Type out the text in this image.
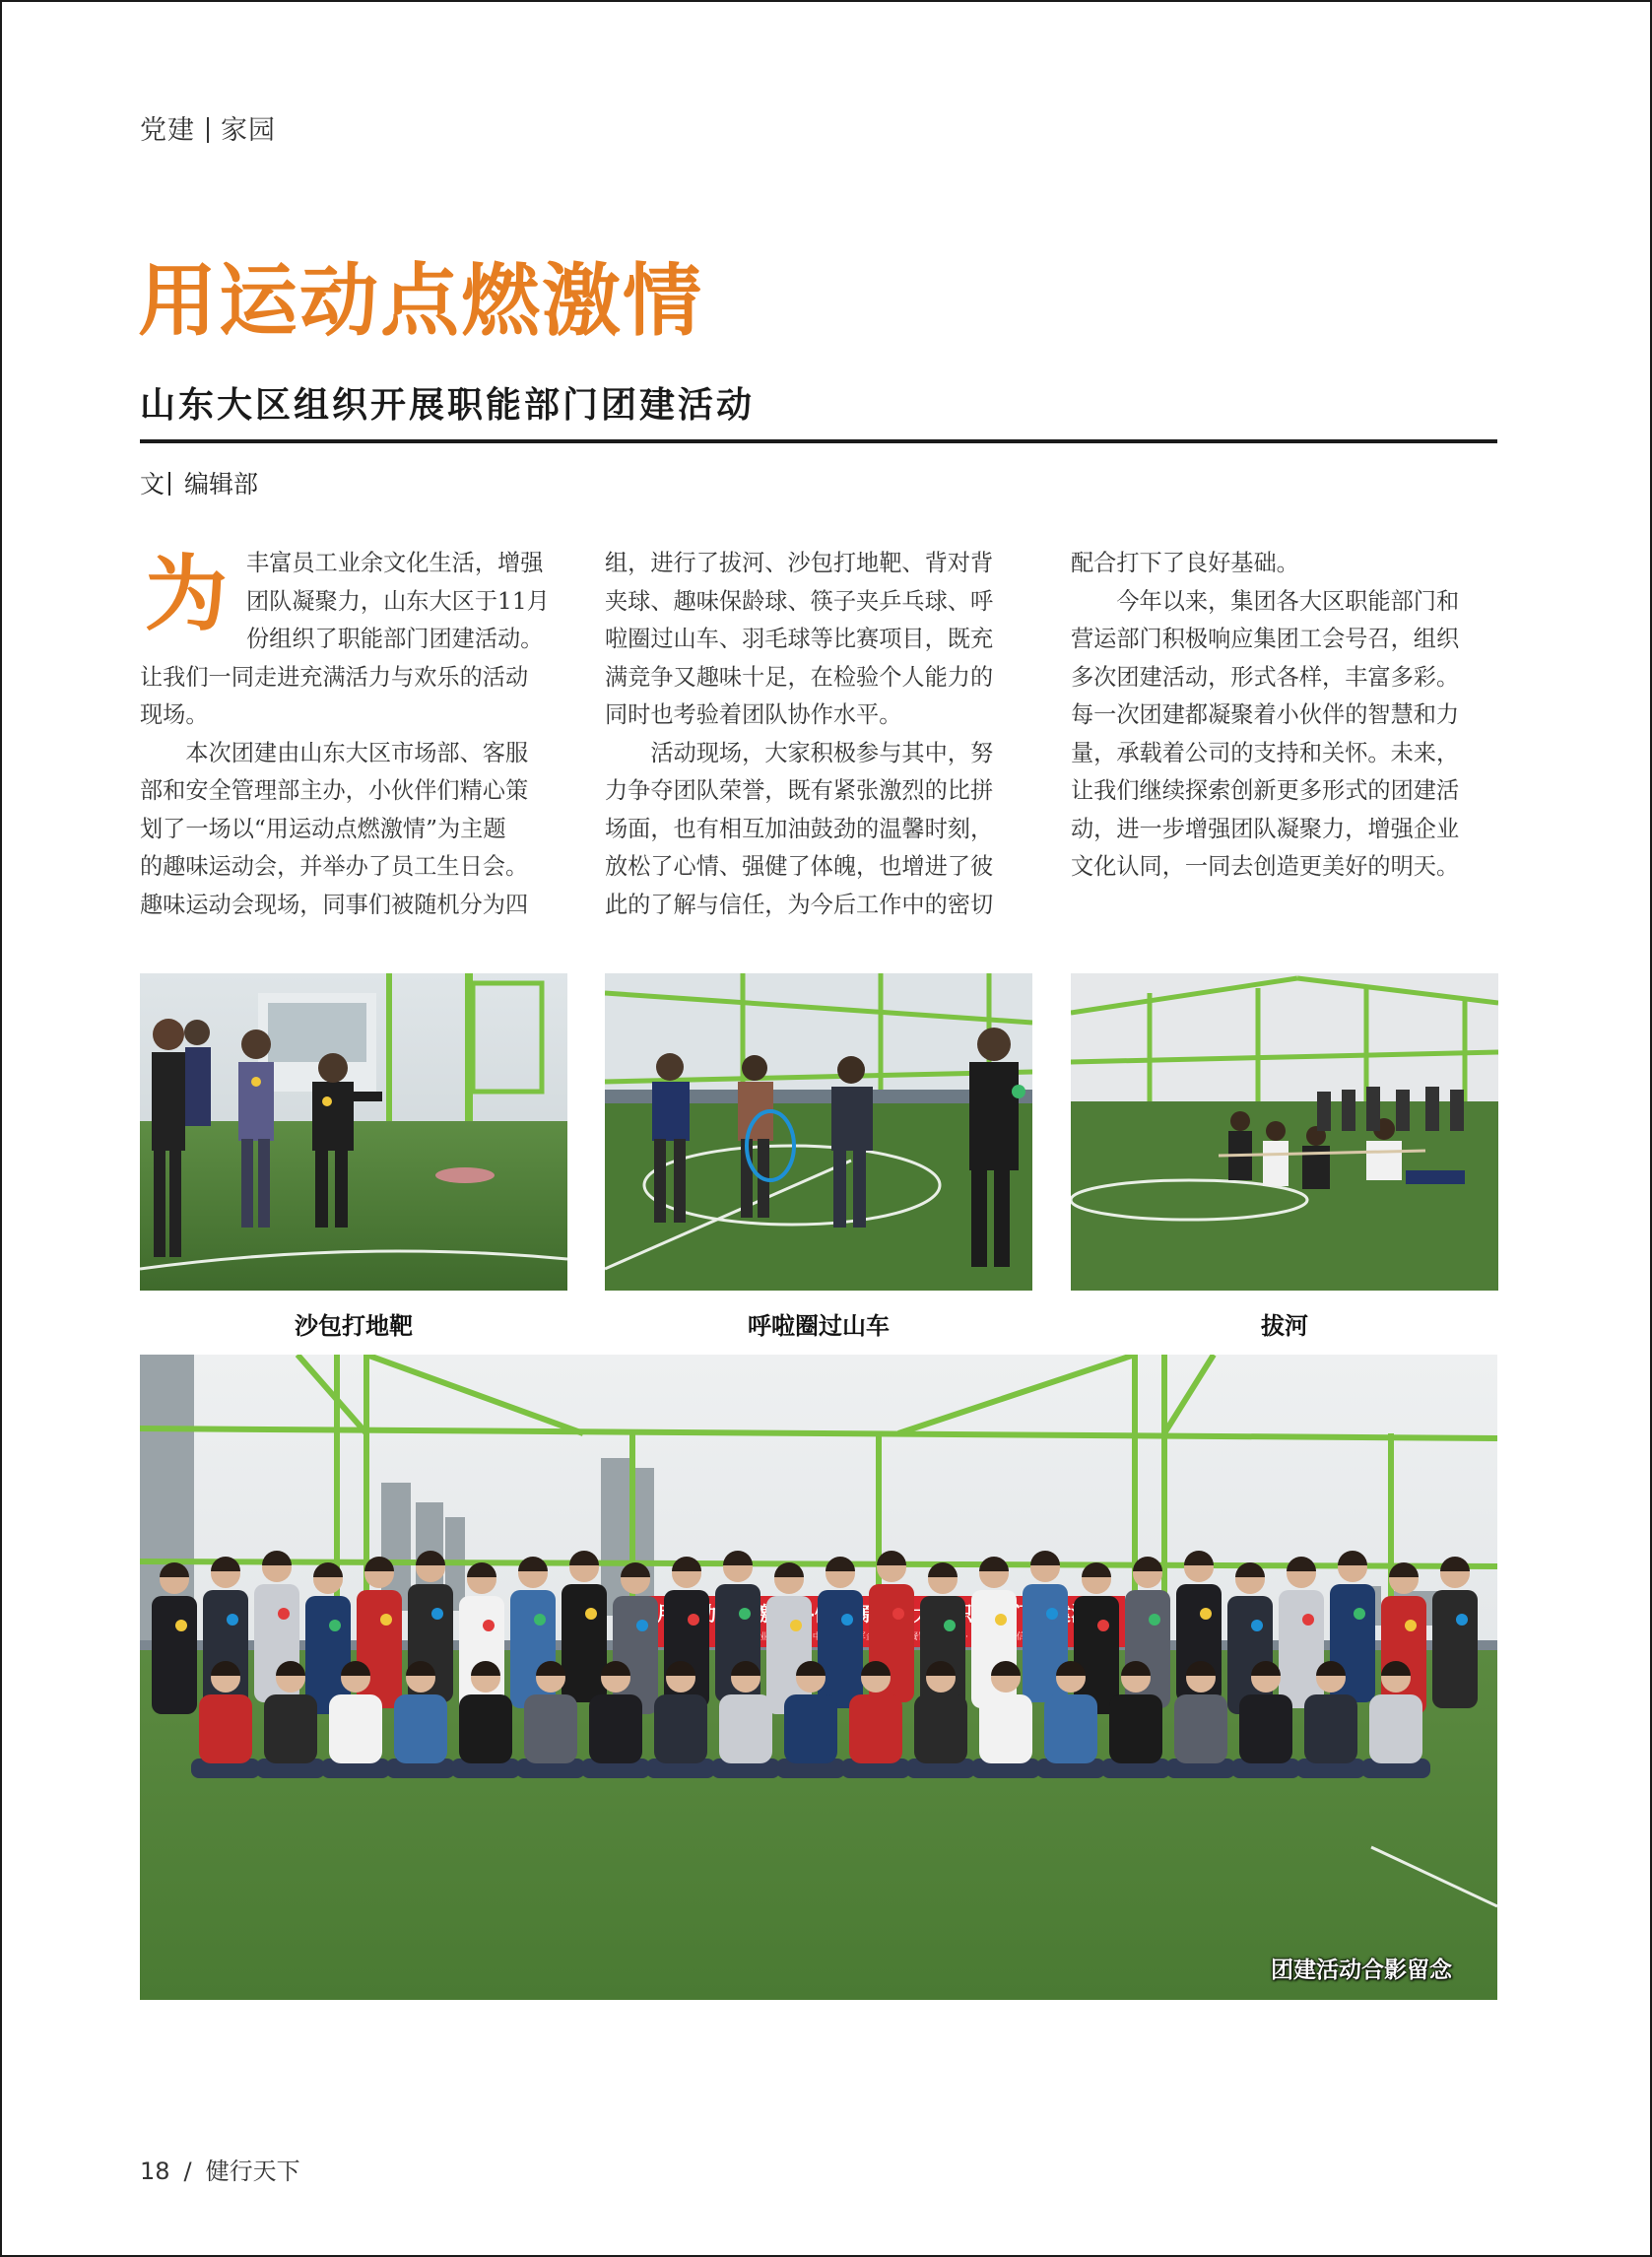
党建 家园
用运动点燃激情
山东大区组织开展职能部门团建活动
文 编辑部
为 丰富员工业余文化生活，增强
团队凝聚力，山东大区于11月
份组织了职能部门团建活动。
让我们一同走进充满活力与欢乐的活动
现场。
　　本次团建由山东大区市场部、客服
部和安全管理部主办，小伙伴们精心策
划了一场以“用运动点燃激情”为主题
的趣味运动会，并举办了员工生日会。
趣味运动会现场，同事们被随机分为四
组，进行了拔河、沙包打地靶、背对背
夹球、趣味保龄球、筷子夹乒乓球、呼
啦圈过山车、羽毛球等比赛项目，既充
满竞争又趣味十足，在检验个人能力的
同时也考验着团队协作水平。
　　活动现场，大家积极参与其中，努
力争夺团队荣誉，既有紧张激烈的比拼
场面，也有相互加油鼓劲的温馨时刻，
放松了心情、强健了体魄，也增进了彼
此的了解与信任，为今后工作中的密切
配合打下了良好基础。
　　今年以来，集团各大区职能部门和
营运部门积极响应集团工会号召，组织
多次团建活动，形式各样，丰富多彩。
每一次团建都凝聚着小伙伴的智慧和力
量，承载着公司的支持和关怀。未来，
让我们继续探索创新更多形式的团建活
动，进一步增强团队凝聚力，增强企业
文化认同，一同去创造更美好的明天。
沙包打地靶	呼啦圈过山车	拔河
·
团建活动合影留念
18 / 健行天下
